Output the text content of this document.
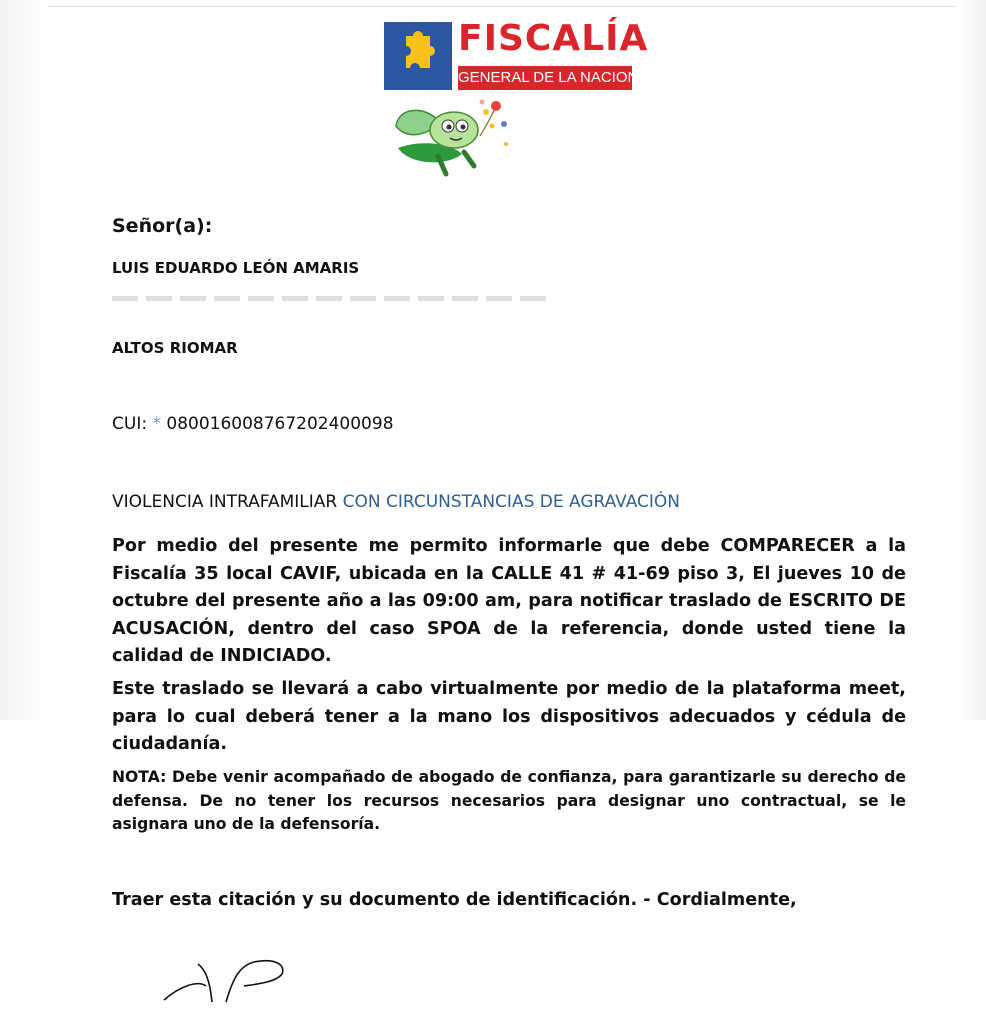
FISCALÍA
GENERAL DE LA NACION
Señor(a):
LUIS EDUARDO LEÓN AMARIS
ALTOS RIOMAR
CUI: * 080016008767202400098
VIOLENCIA INTRAFAMILIAR CON CIRCUNSTANCIAS DE AGRAVACIÓN

Por medio del presente me permito informarle que debe COMPARECER a la Fiscalía 35 local CAVIF, ubicada en la CALLE 41 # 41-69 piso 3, El jueves 10 de octubre del presente año a las 09:00 am, para notificar traslado de ESCRITO DE ACUSACIÓN, dentro del caso SPOA de la referencia, donde usted tiene la calidad de INDICIADO.

Este traslado se llevará a cabo virtualmente por medio de la plataforma meet, para lo cual deberá tener a la mano los dispositivos adecuados y cédula de ciudadanía.

NOTA: Debe venir acompañado de abogado de confianza, para garantizarle su derecho de defensa. De no tener los recursos necesarios para designar uno contractual, se le asignara uno de la defensoría.

Traer esta citación y su documento de identificación. - Cordialmente,
